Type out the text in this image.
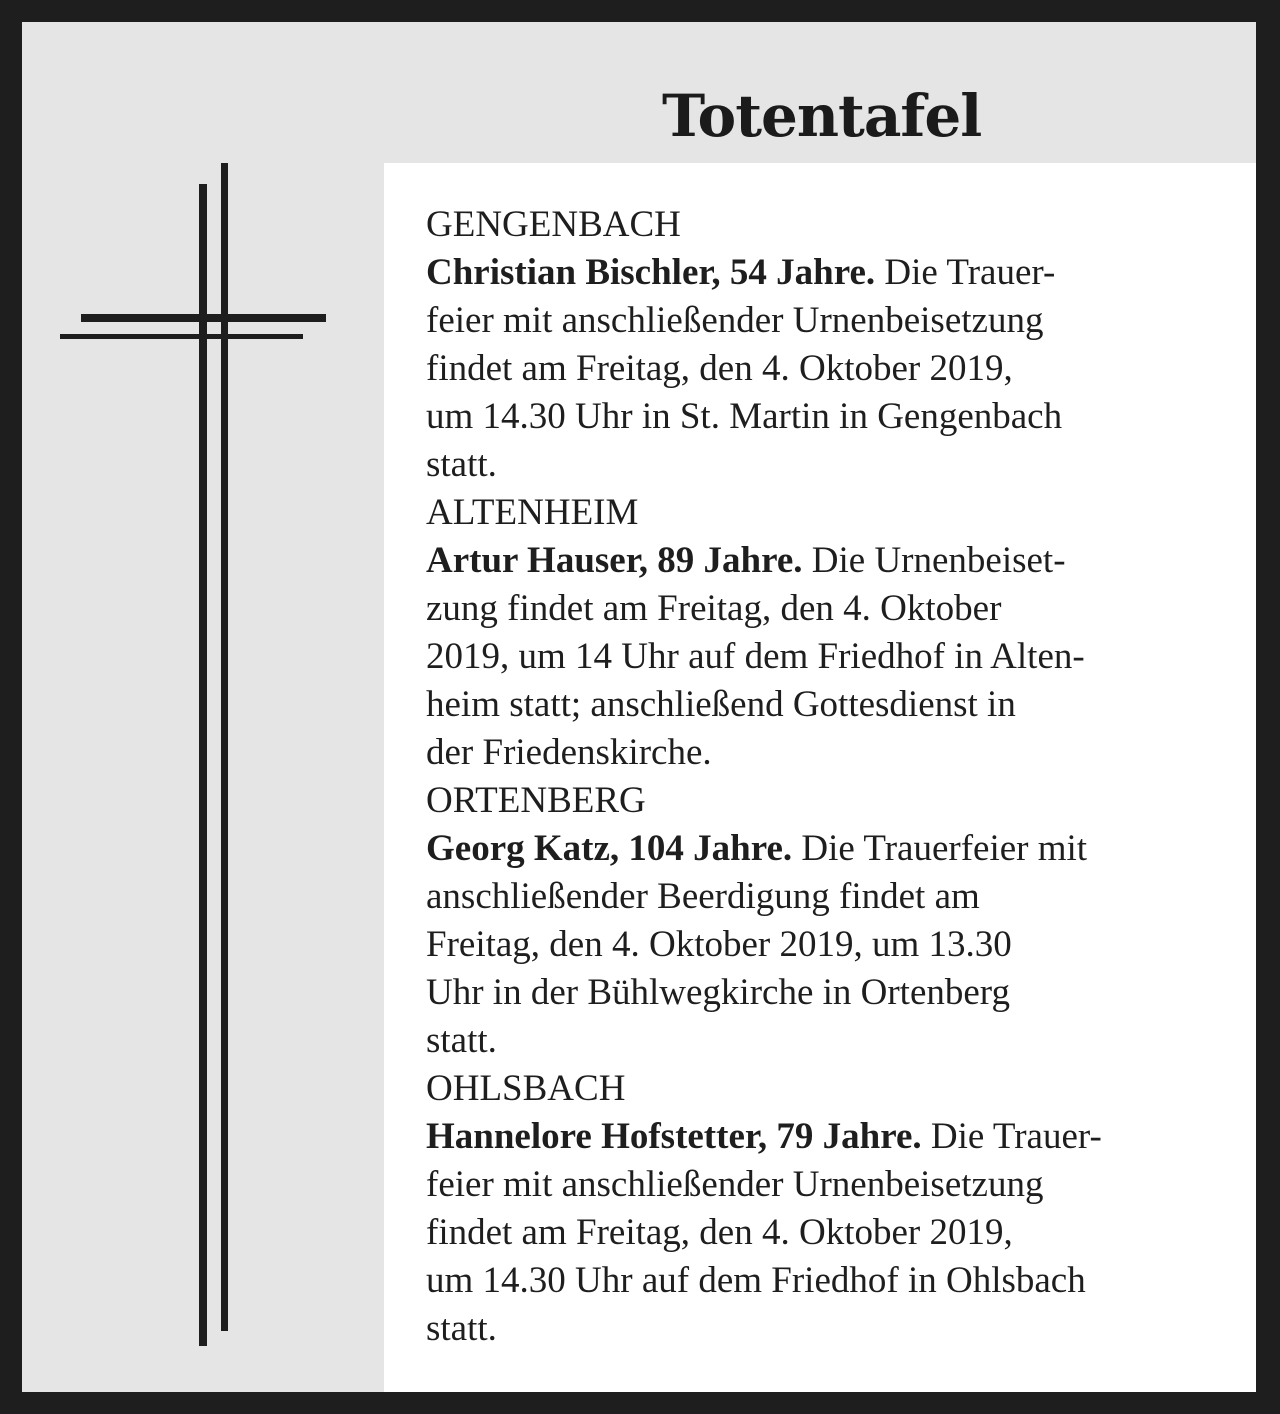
Totentafel
GENGENBACH

Christian Bischler, 54 Jahre. Die Trauer-
feier mit anschließender Urnenbeisetzung
findet am Freitag, den 4. Oktober 2019,
um 14.30 Uhr in St. Martin in Gengenbach
statt.

ALTENHEIM

Artur Hauser, 89 Jahre. Die Urnenbeiset-
zung findet am Freitag, den 4. Oktober
2019, um 14 Uhr auf dem Friedhof in Alten-
heim statt; anschließend Gottesdienst in
der Friedenskirche.

ORTENBERG

Georg Katz, 104 Jahre. Die Trauerfeier mit
anschließender Beerdigung findet am
Freitag, den 4. Oktober 2019, um 13.30
Uhr in der Bühlwegkirche in Ortenberg
statt.

OHLSBACH

Hannelore Hofstetter, 79 Jahre. Die Trauer-
feier mit anschließender Urnenbeisetzung
findet am Freitag, den 4. Oktober 2019,
um 14.30 Uhr auf dem Friedhof in Ohlsbach
statt.
